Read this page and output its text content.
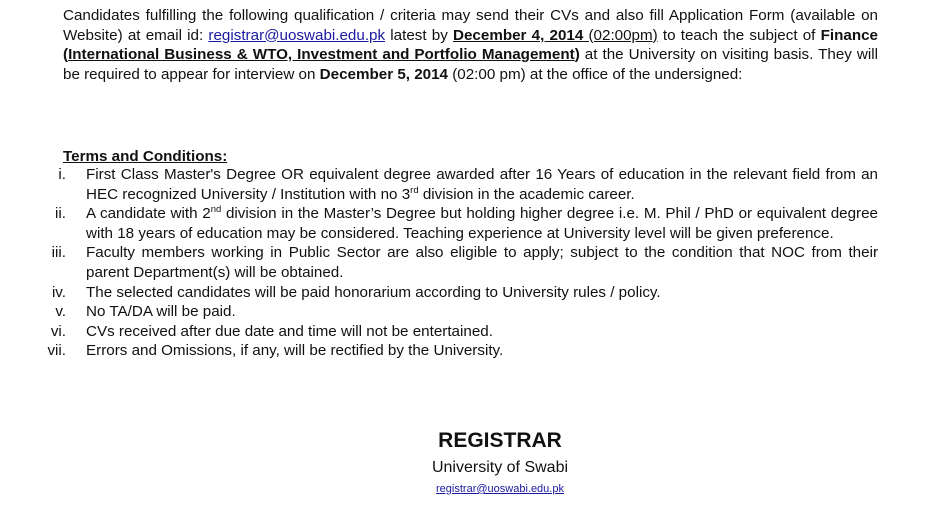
Candidates fulfilling the following qualification / criteria may send their CVs and also fill Application Form (available on Website) at email id: registrar@uoswabi.edu.pk latest by December 4, 2014 (02:00pm) to teach the subject of Finance (International Business & WTO, Investment and Portfolio Management) at the University on visiting basis. They will be required to appear for interview on December 5, 2014 (02:00 pm) at the office of the undersigned:

Terms and Conditions:
i. First Class Master's Degree OR equivalent degree awarded after 16 Years of education in the relevant field from an HEC recognized University / Institution with no 3rd division in the academic career.
ii. A candidate with 2nd division in the Master’s Degree but holding higher degree i.e. M. Phil / PhD or equivalent degree with 18 years of education may be considered. Teaching experience at University level will be given preference.
iii. Faculty members working in Public Sector are also eligible to apply; subject to the condition that NOC from their parent Department(s) will be obtained.
iv. The selected candidates will be paid honorarium according to University rules / policy.
v. No TA/DA will be paid.
vi. CVs received after due date and time will not be entertained.
vii. Errors and Omissions, if any, will be rectified by the University.
REGISTRAR
University of Swabi
registrar@uoswabi.edu.pk
